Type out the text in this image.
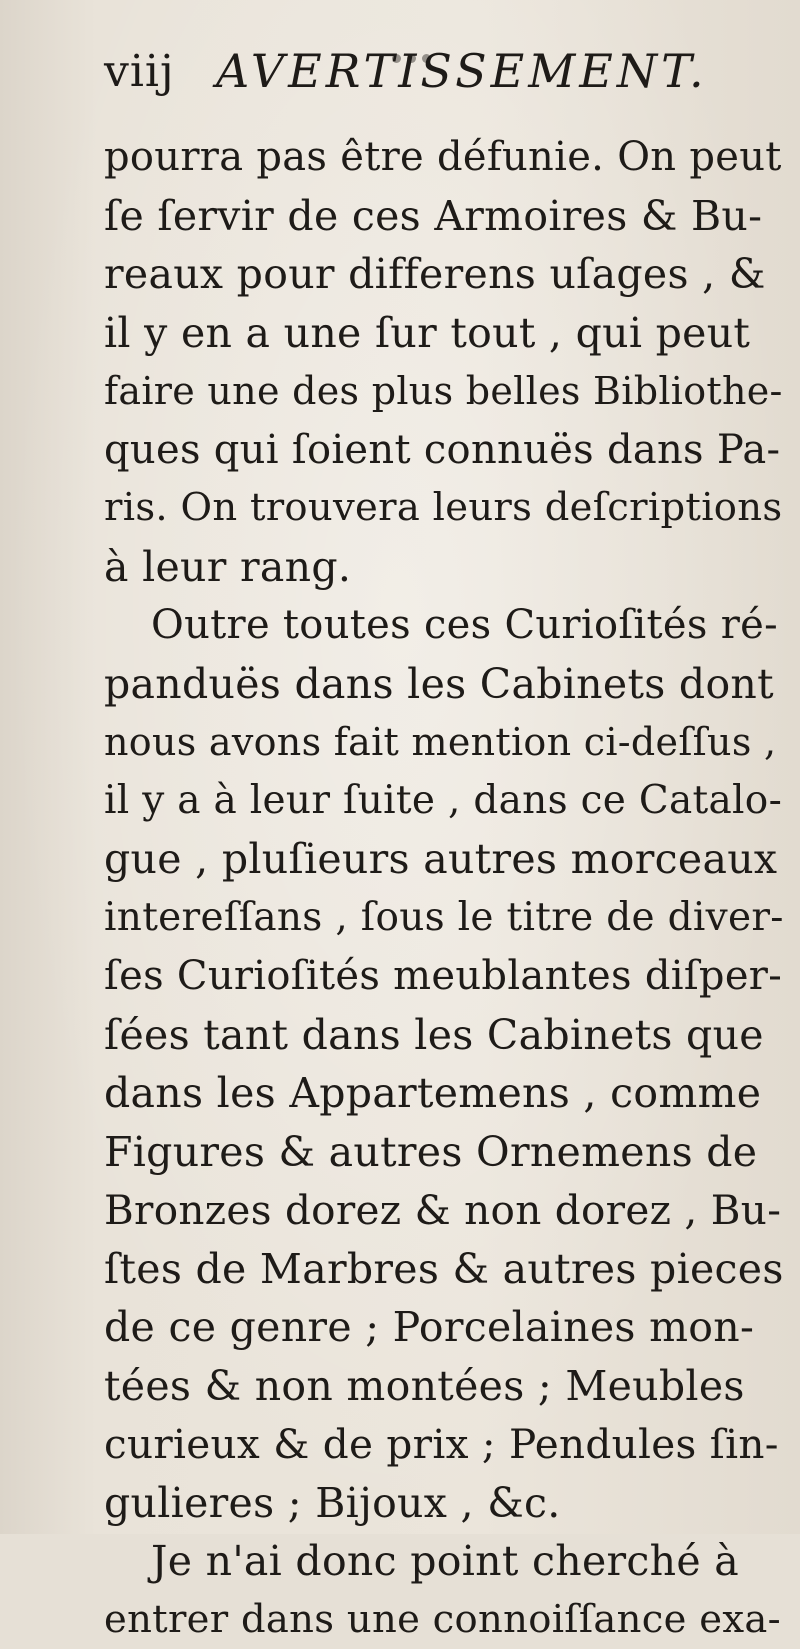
viij AVERTISSEMENT.
pourra pas être défunie. On peut
ſe ſervir de ces Armoires & Bu-
reaux pour differens uſages , &
il y en a une ſur tout , qui peut
faire une des plus belles Bibliothe-
ques qui ſoient connuës dans Pa-
ris. On trouvera leurs deſcriptions
à leur rang.
Outre toutes ces Curioſités ré-
panduës dans les Cabinets dont
nous avons fait mention ci-deſſus ,
il y a à leur ſuite , dans ce Catalo-
gue , pluſieurs autres morceaux
intereſſans , ſous le titre de diver-
ſes Curioſités meublantes diſper-
ſées tant dans les Cabinets que
dans les Appartemens , comme
Figures & autres Ornemens de
Bronzes dorez & non dorez , Bu-
ſtes de Marbres & autres pieces
de ce genre ; Porcelaines mon-
tées & non montées ; Meubles
curieux & de prix ; Pendules ſin-
gulieres ; Bijoux , &c.
Je n'ai donc point cherché à
entrer dans une connoiſſance exa-
